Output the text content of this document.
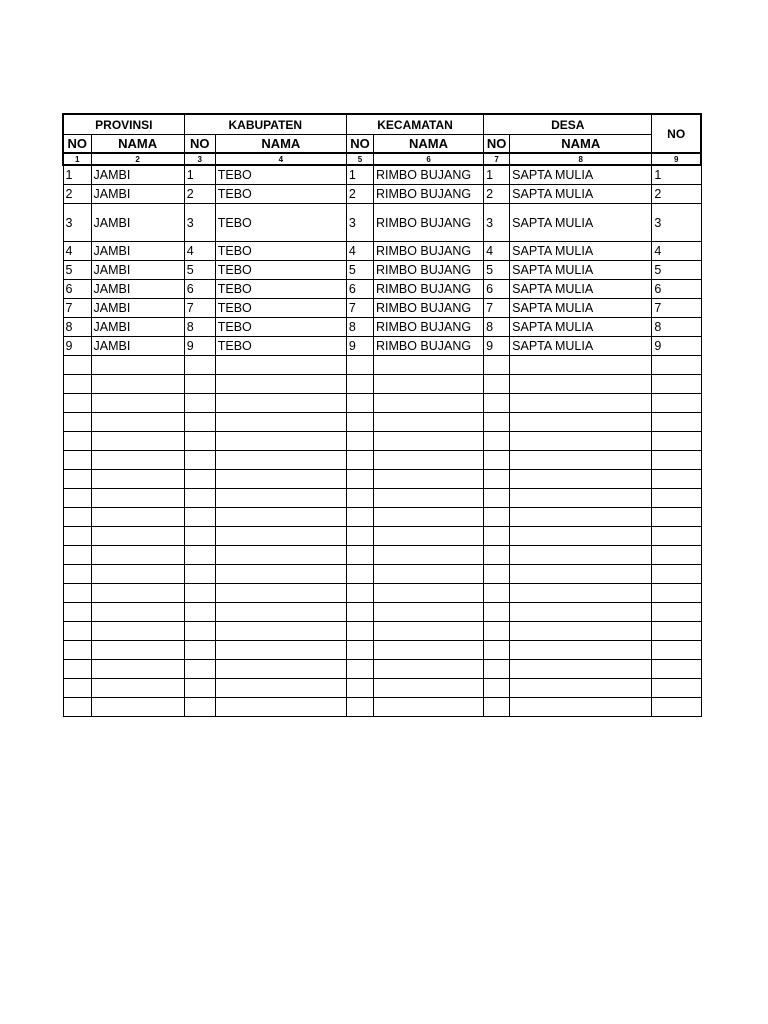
PROVINSI		KABUPATEN		KECAMATAN		DESA		NO
NO	NAMA	NO	NAMA	NO	NAMA	NO	NAMA	
1	2	3	4	5	6	7	8	9
1	JAMBI	1	TEBO	1	RIMBO BUJANG	1	SAPTA MULIA	1
2	JAMBI	2	TEBO	2	RIMBO BUJANG	2	SAPTA MULIA	2
3	JAMBI	3	TEBO	3	RIMBO BUJANG	3	SAPTA MULIA	3
4	JAMBI	4	TEBO	4	RIMBO BUJANG	4	SAPTA MULIA	4
5	JAMBI	5	TEBO	5	RIMBO BUJANG	5	SAPTA MULIA	5
6	JAMBI	6	TEBO	6	RIMBO BUJANG	6	SAPTA MULIA	6
7	JAMBI	7	TEBO	7	RIMBO BUJANG	7	SAPTA MULIA	7
8	JAMBI	8	TEBO	8	RIMBO BUJANG	8	SAPTA MULIA	8
9	JAMBI	9	TEBO	9	RIMBO BUJANG	9	SAPTA MULIA	9
